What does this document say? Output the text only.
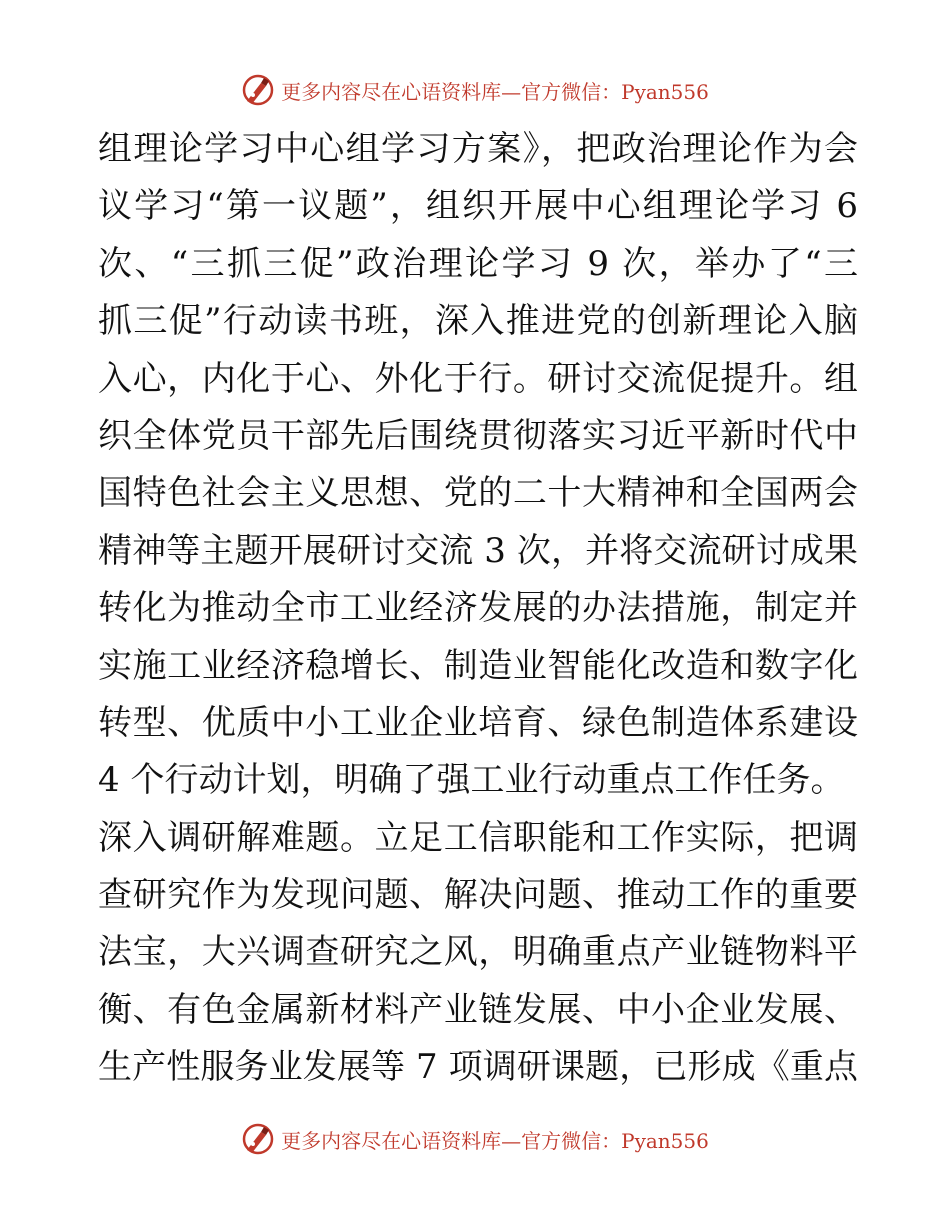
更多内容尽在心语资料库—官方微信：Pyan556
组理论学习中心组学习方案》，把政治理论作为会
议学习“第一议题”，组织开展中心组理论学习 6
次、“三抓三促”政治理论学习 9 次，举办了“三
抓三促”行动读书班，深入推进党的创新理论入脑
入心，内化于心、外化于行。研讨交流促提升。组
织全体党员干部先后围绕贯彻落实习近平新时代中
国特色社会主义思想、党的二十大精神和全国两会
精神等主题开展研讨交流 3 次，并将交流研讨成果
转化为推动全市工业经济发展的办法措施，制定并
实施工业经济稳增长、制造业智能化改造和数字化
转型、优质中小工业企业培育、绿色制造体系建设
4 个行动计划，明确了强工业行动重点工作任务。
深入调研解难题。立足工信职能和工作实际，把调
查研究作为发现问题、解决问题、推动工作的重要
法宝，大兴调查研究之风，明确重点产业链物料平
衡、有色金属新材料产业链发展、中小企业发展、
生产性服务业发展等 7 项调研课题，已形成《重点
更多内容尽在心语资料库—官方微信：Pyan556
